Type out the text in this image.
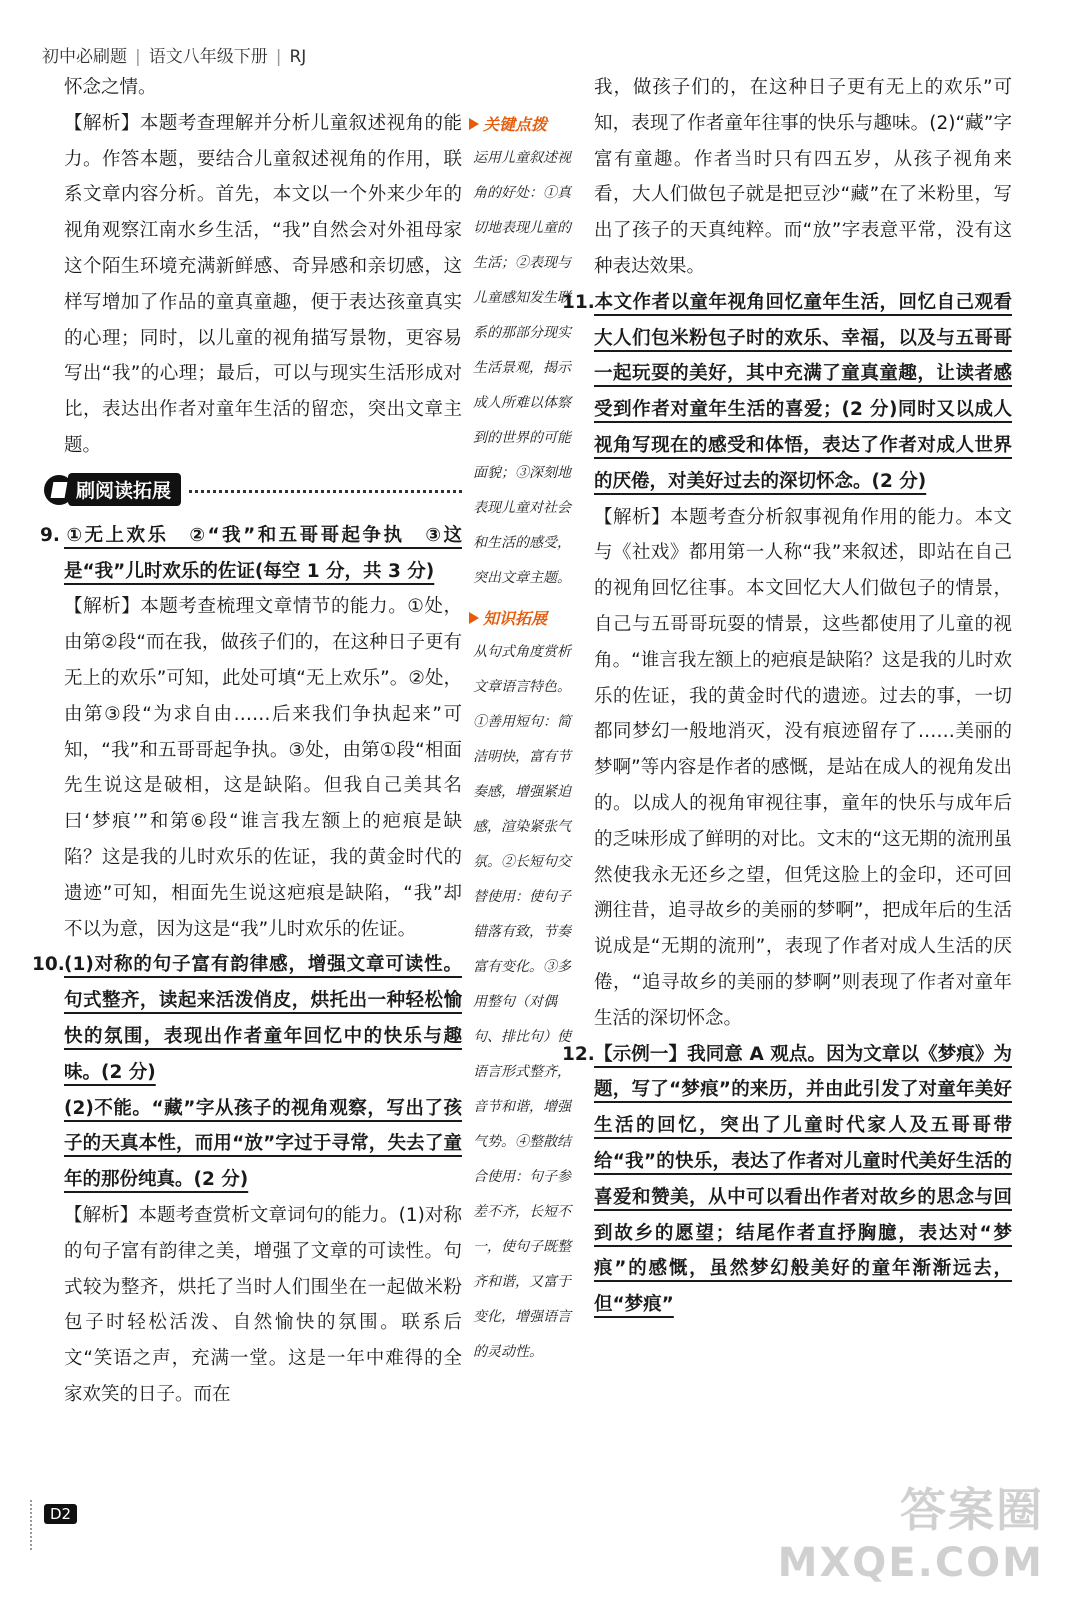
初中必刷题 | 语文八年级下册 | RJ

怀念之情。

【解析】本题考查理解并分析儿童叙述视角的能力。作答本题，要结合儿童叙述视角的作用，联系文章内容分析。首先，本文以一个外来少年的视角观察江南水乡生活，“我”自然会对外祖母家这个陌生环境充满新鲜感、奇异感和亲切感，这样写增加了作品的童真童趣，便于表达孩童真实的心理；同时，以儿童的视角描写景物，更容易写出“我”的心理；最后，可以与现实生活形成对比，表达出作者对童年生活的留恋，突出文章主题。

刷阅读拓展

9. ①无上欢乐　②“我”和五哥哥起争执　③这是“我”儿时欢乐的佐证(每空 1 分，共 3 分)

【解析】本题考查梳理文章情节的能力。①处，由第②段“而在我，做孩子们的，在这种日子更有无上的欢乐”可知，此处可填“无上欢乐”。②处，由第③段“为求自由……后来我们争执起来”可知，“我”和五哥哥起争执。③处，由第①段“相面先生说这是破相，这是缺陷。但我自己美其名曰‘梦痕’”和第⑥段“谁言我左额上的疤痕是缺陷？这是我的儿时欢乐的佐证，我的黄金时代的遗迹”可知，相面先生说这疤痕是缺陷，“我”却不以为意，因为这是“我”儿时欢乐的佐证。

10.(1)对称的句子富有韵律感，增强文章可读性。句式整齐，读起来活泼俏皮，烘托出一种轻松愉快的氛围，表现出作者童年回忆中的快乐与趣味。(2 分)

(2)不能。“藏”字从孩子的视角观察，写出了孩子的天真本性，而用“放”字过于寻常，失去了童年的那份纯真。(2 分)

【解析】本题考查赏析文章词句的能力。(1)对称的句子富有韵律之美，增强了文章的可读性。句式较为整齐，烘托了当时人们围坐在一起做米粉包子时轻松活泼、自然愉快的氛围。联系后文“笑语之声，充满一堂。这是一年中难得的全家欢笑的日子。而在

关键点拨

运用儿童叙述视角的好处：①真切地表现儿童的生活；②表现与儿童感知发生联系的那部分现实生活景观，揭示成人所难以体察到的世界的可能面貌；③深刻地表现儿童对社会和生活的感受，突出文章主题。

知识拓展

从句式角度赏析文章语言特色。①善用短句：简洁明快，富有节奏感，增强紧迫感，渲染紧张气氛。②长短句交替使用：使句子错落有致，节奏富有变化。③多用整句（对偶句、排比句）使语言形式整齐，音节和谐，增强气势。④整散结合使用：句子参差不齐，长短不一，使句子既整齐和谐，又富于变化，增强语言的灵动性。

我，做孩子们的，在这种日子更有无上的欢乐”可知，表现了作者童年往事的快乐与趣味。(2)“藏”字富有童趣。作者当时只有四五岁，从孩子视角来看，大人们做包子就是把豆沙“藏”在了米粉里，写出了孩子的天真纯粹。而“放”字表意平常，没有这种表达效果。

11.本文作者以童年视角回忆童年生活，回忆自己观看大人们包米粉包子时的欢乐、幸福，以及与五哥哥一起玩耍的美好，其中充满了童真童趣，让读者感受到作者对童年生活的喜爱；(2 分)同时又以成人视角写现在的感受和体悟，表达了作者对成人世界的厌倦，对美好过去的深切怀念。(2 分)

【解析】本题考查分析叙事视角作用的能力。本文与《社戏》都用第一人称“我”来叙述，即站在自己的视角回忆往事。本文回忆大人们做包子的情景，自己与五哥哥玩耍的情景，这些都使用了儿童的视角。“谁言我左额上的疤痕是缺陷？这是我的儿时欢乐的佐证，我的黄金时代的遗迹。过去的事，一切都同梦幻一般地消灭，没有痕迹留存了……美丽的梦啊”等内容是作者的感慨，是站在成人的视角发出的。以成人的视角审视往事，童年的快乐与成年后的乏味形成了鲜明的对比。文末的“这无期的流刑虽然使我永无还乡之望，但凭这脸上的金印，还可回溯往昔，追寻故乡的美丽的梦啊”，把成年后的生活说成是“无期的流刑”，表现了作者对成人生活的厌倦，“追寻故乡的美丽的梦啊”则表现了作者对童年生活的深切怀念。

12.【示例一】我同意 A 观点。因为文章以《梦痕》为题，写了“梦痕”的来历，并由此引发了对童年美好生活的回忆，突出了儿童时代家人及五哥哥带给“我”的快乐，表达了作者对儿童时代美好生活的喜爱和赞美，从中可以看出作者对故乡的思念与回到故乡的愿望；结尾作者直抒胸臆，表达对“梦痕”的感慨，虽然梦幻般美好的童年渐渐远去，但“梦痕”

D2	答案圈
MXQE.COM
